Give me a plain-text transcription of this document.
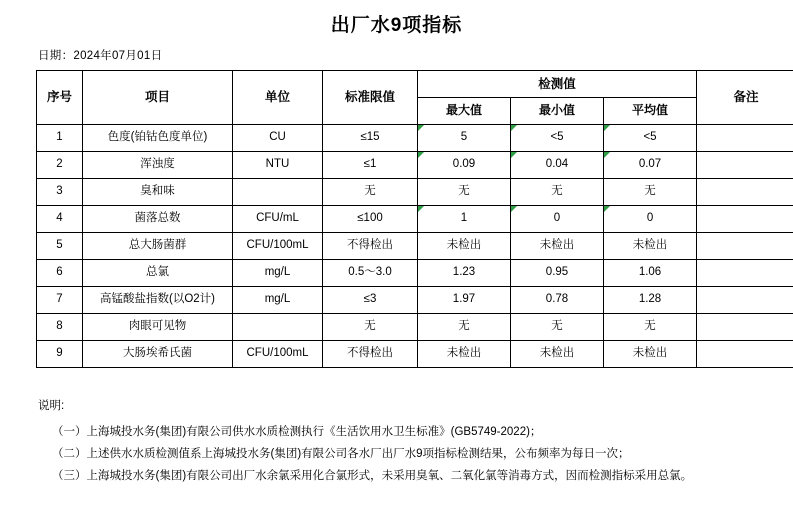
出厂水9项指标
日期：2024年07月01日
序号	项目	单位	标准限值	检测值			备注
				最大值	最小值	平均值	
1	色度(铂钴色度单位)	CU	≤15	5	<5	<5	
2	浑浊度	NTU	≤1	0.09	0.04	0.07	
3	臭和味		无	无	无	无	
4	菌落总数	CFU/mL	≤100	1	0	0	
5	总大肠菌群	CFU/100mL	不得检出	未检出	未检出	未检出	
6	总氯	mg/L	0.5～3.0	1.23	0.95	1.06	
7	高锰酸盐指数(以O2计)	mg/L	≤3	1.97	0.78	1.28	
8	肉眼可见物		无	无	无	无	
9	大肠埃希氏菌	CFU/100mL	不得检出	未检出	未检出	未检出	
说明:
（一）上海城投水务(集团)有限公司供水水质检测执行《生活饮用水卫生标准》(GB5749-2022)；
（二）上述供水水质检测值系上海城投水务(集团)有限公司各水厂出厂水9项指标检测结果，公布频率为每日一次；
（三）上海城投水务(集团)有限公司出厂水余氯采用化合氯形式，未采用臭氧、二氧化氯等消毒方式，因而检测指标采用总氯。
